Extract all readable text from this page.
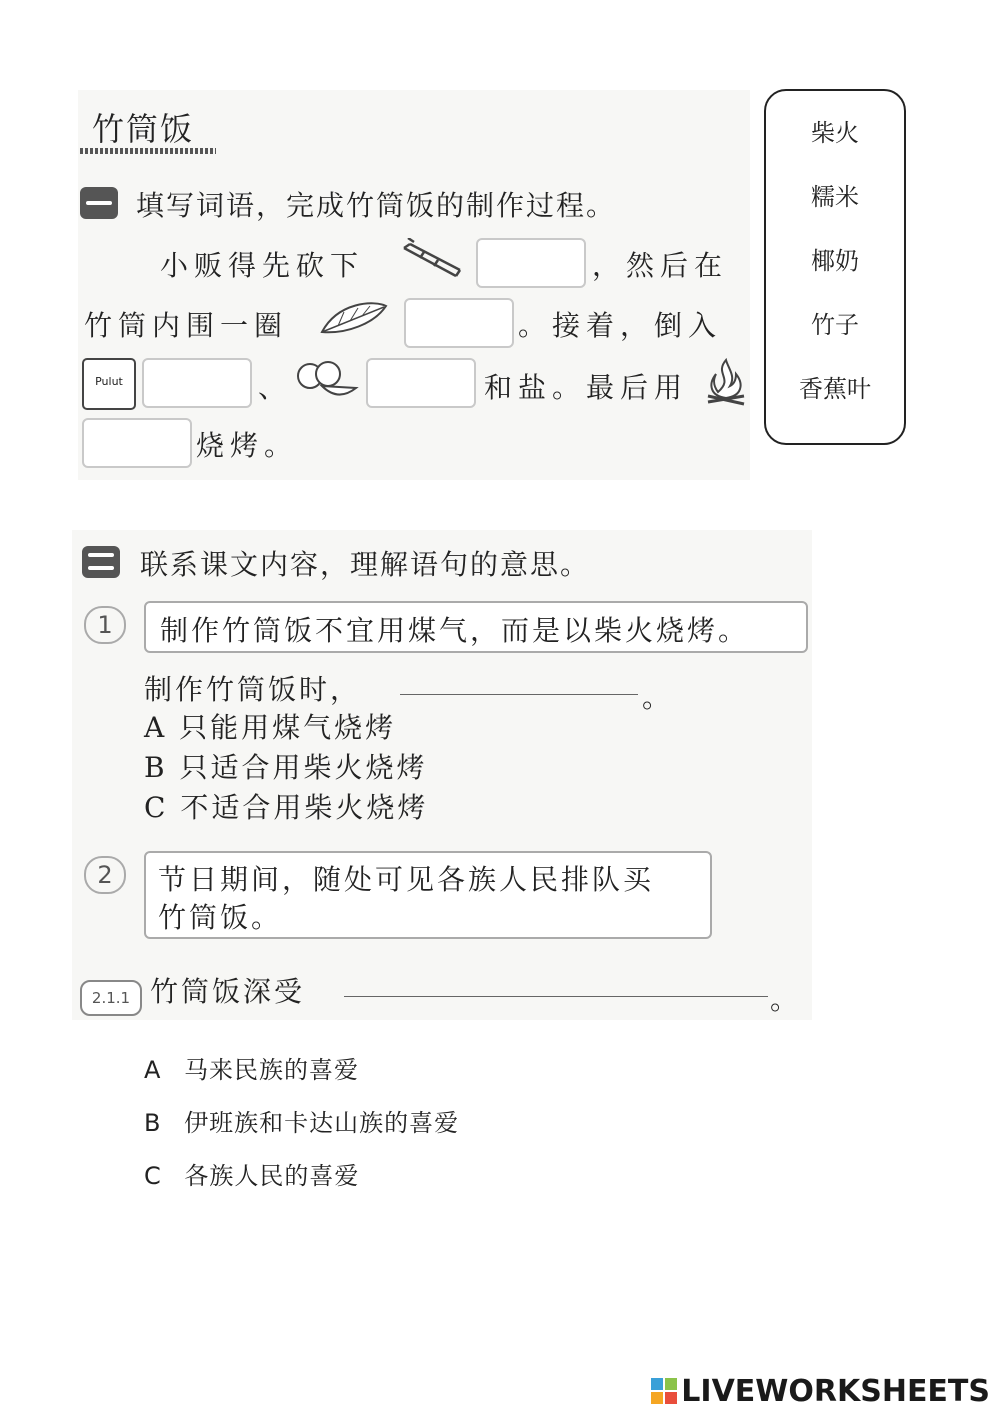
竹筒饭
填写词语，完成竹筒饭的制作过程。
小贩得先砍下	，然后在
竹筒内围一圈	。接着，倒入
Pulut	、	和盐。最后用
烧烤。
柴火
糯米
椰奶
竹子
香蕉叶
联系课文内容，理解语句的意思。
1	制作竹筒饭不宜用煤气，而是以柴火烧烤。
制作竹筒饭时，	。
A 只能用煤气烧烤
B 只适合用柴火烧烤
C 不适合用柴火烧烤
2	节日期间，随处可见各族人民排队买
竹筒饭。
2.1.1 竹筒饭深受	。
A 马来民族的喜爱
B 伊班族和卡达山族的喜爱
C 各族人民的喜爱
LIVEWORKSHEETS
